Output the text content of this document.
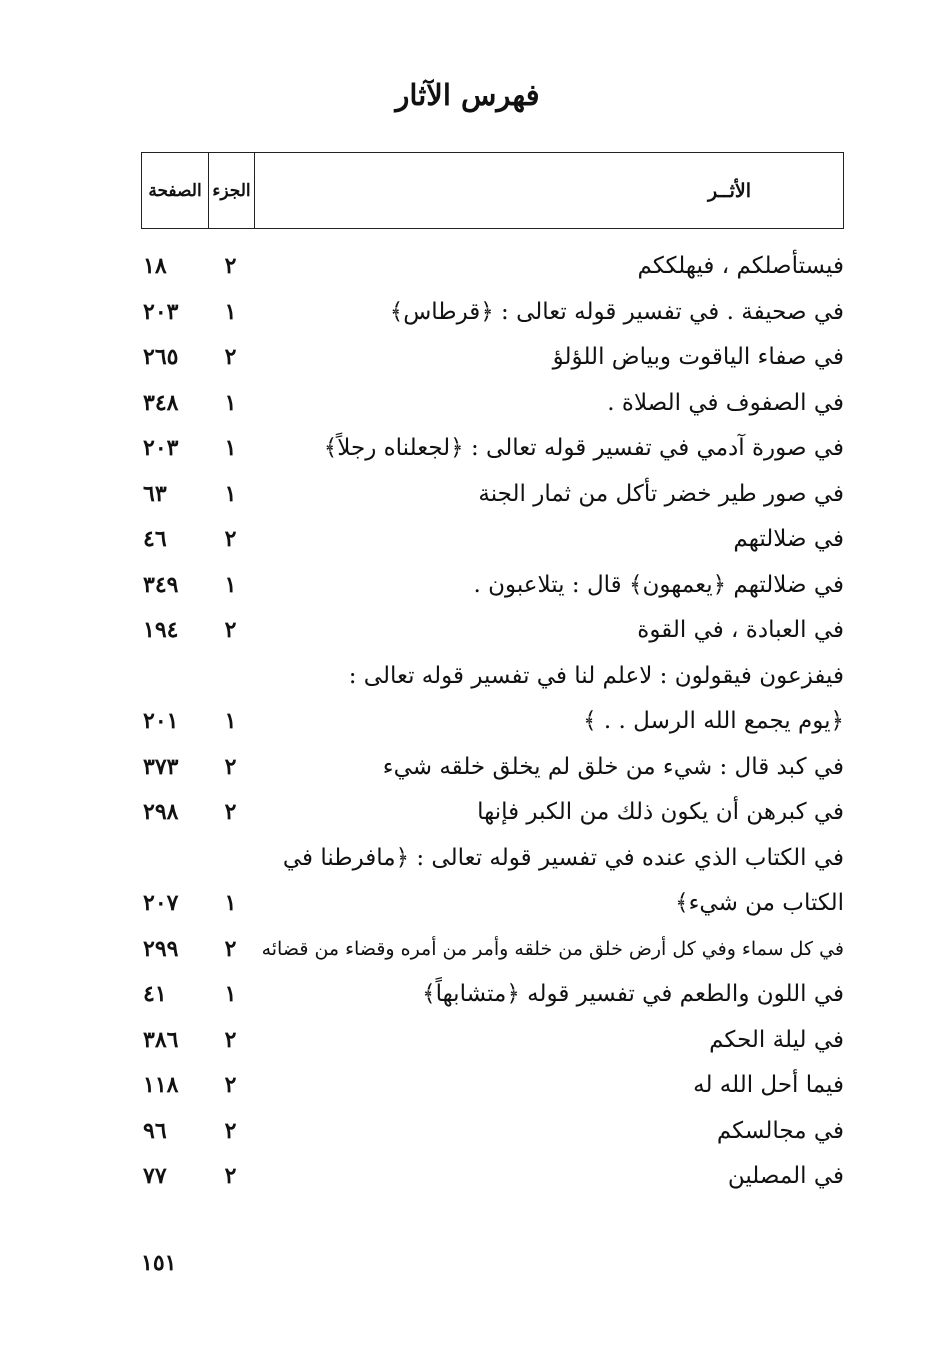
فهرس الآثار
الأثــر
الجزء
الصفحة
فيستأصلكم ، فيهلككم
٢
١٨
في صحيفة . في تفسير قوله تعالى : ﴿قرطاس﴾
١
٢٠٣
في صفاء الياقوت وبياض اللؤلؤ
٢
٢٦٥
في الصفوف في الصلاة .
١
٣٤٨
في صورة آدمي في تفسير قوله تعالى : ﴿لجعلناه رجلاً﴾
١
٢٠٣
في صور طير خضر تأكل من ثمار الجنة
١
٦٣
في ضلالتهم
٢
٤٦
في ضلالتهم ﴿يعمهون﴾ قال : يتلاعبون .
١
٣٤٩
في العبادة ، في القوة
٢
١٩٤
فيفزعون فيقولون : لاعلم لنا في تفسير قوله تعالى :
﴿يوم يجمع الله الرسل . . ﴾
١
٢٠١
في كبد قال : شيء من خلق لم يخلق خلقه شيء
٢
٣٧٣
في كبرهن أن يكون ذلك من الكبر فإنها
٢
٢٩٨
في الكتاب الذي عنده في تفسير قوله تعالى : ﴿مافرطنا في
الكتاب من شيء﴾
١
٢٠٧
في كل سماء وفي كل أرض خلق من خلقه وأمر من أمره وقضاء من قضائه
٢
٢٩٩
في اللون والطعم في تفسير قوله ﴿متشابهاً﴾
١
٤١
في ليلة الحكم
٢
٣٨٦
فيما أحل الله له
٢
١١٨
في مجالسكم
٢
٩٦
في المصلين
٢
٧٧

١٥١
